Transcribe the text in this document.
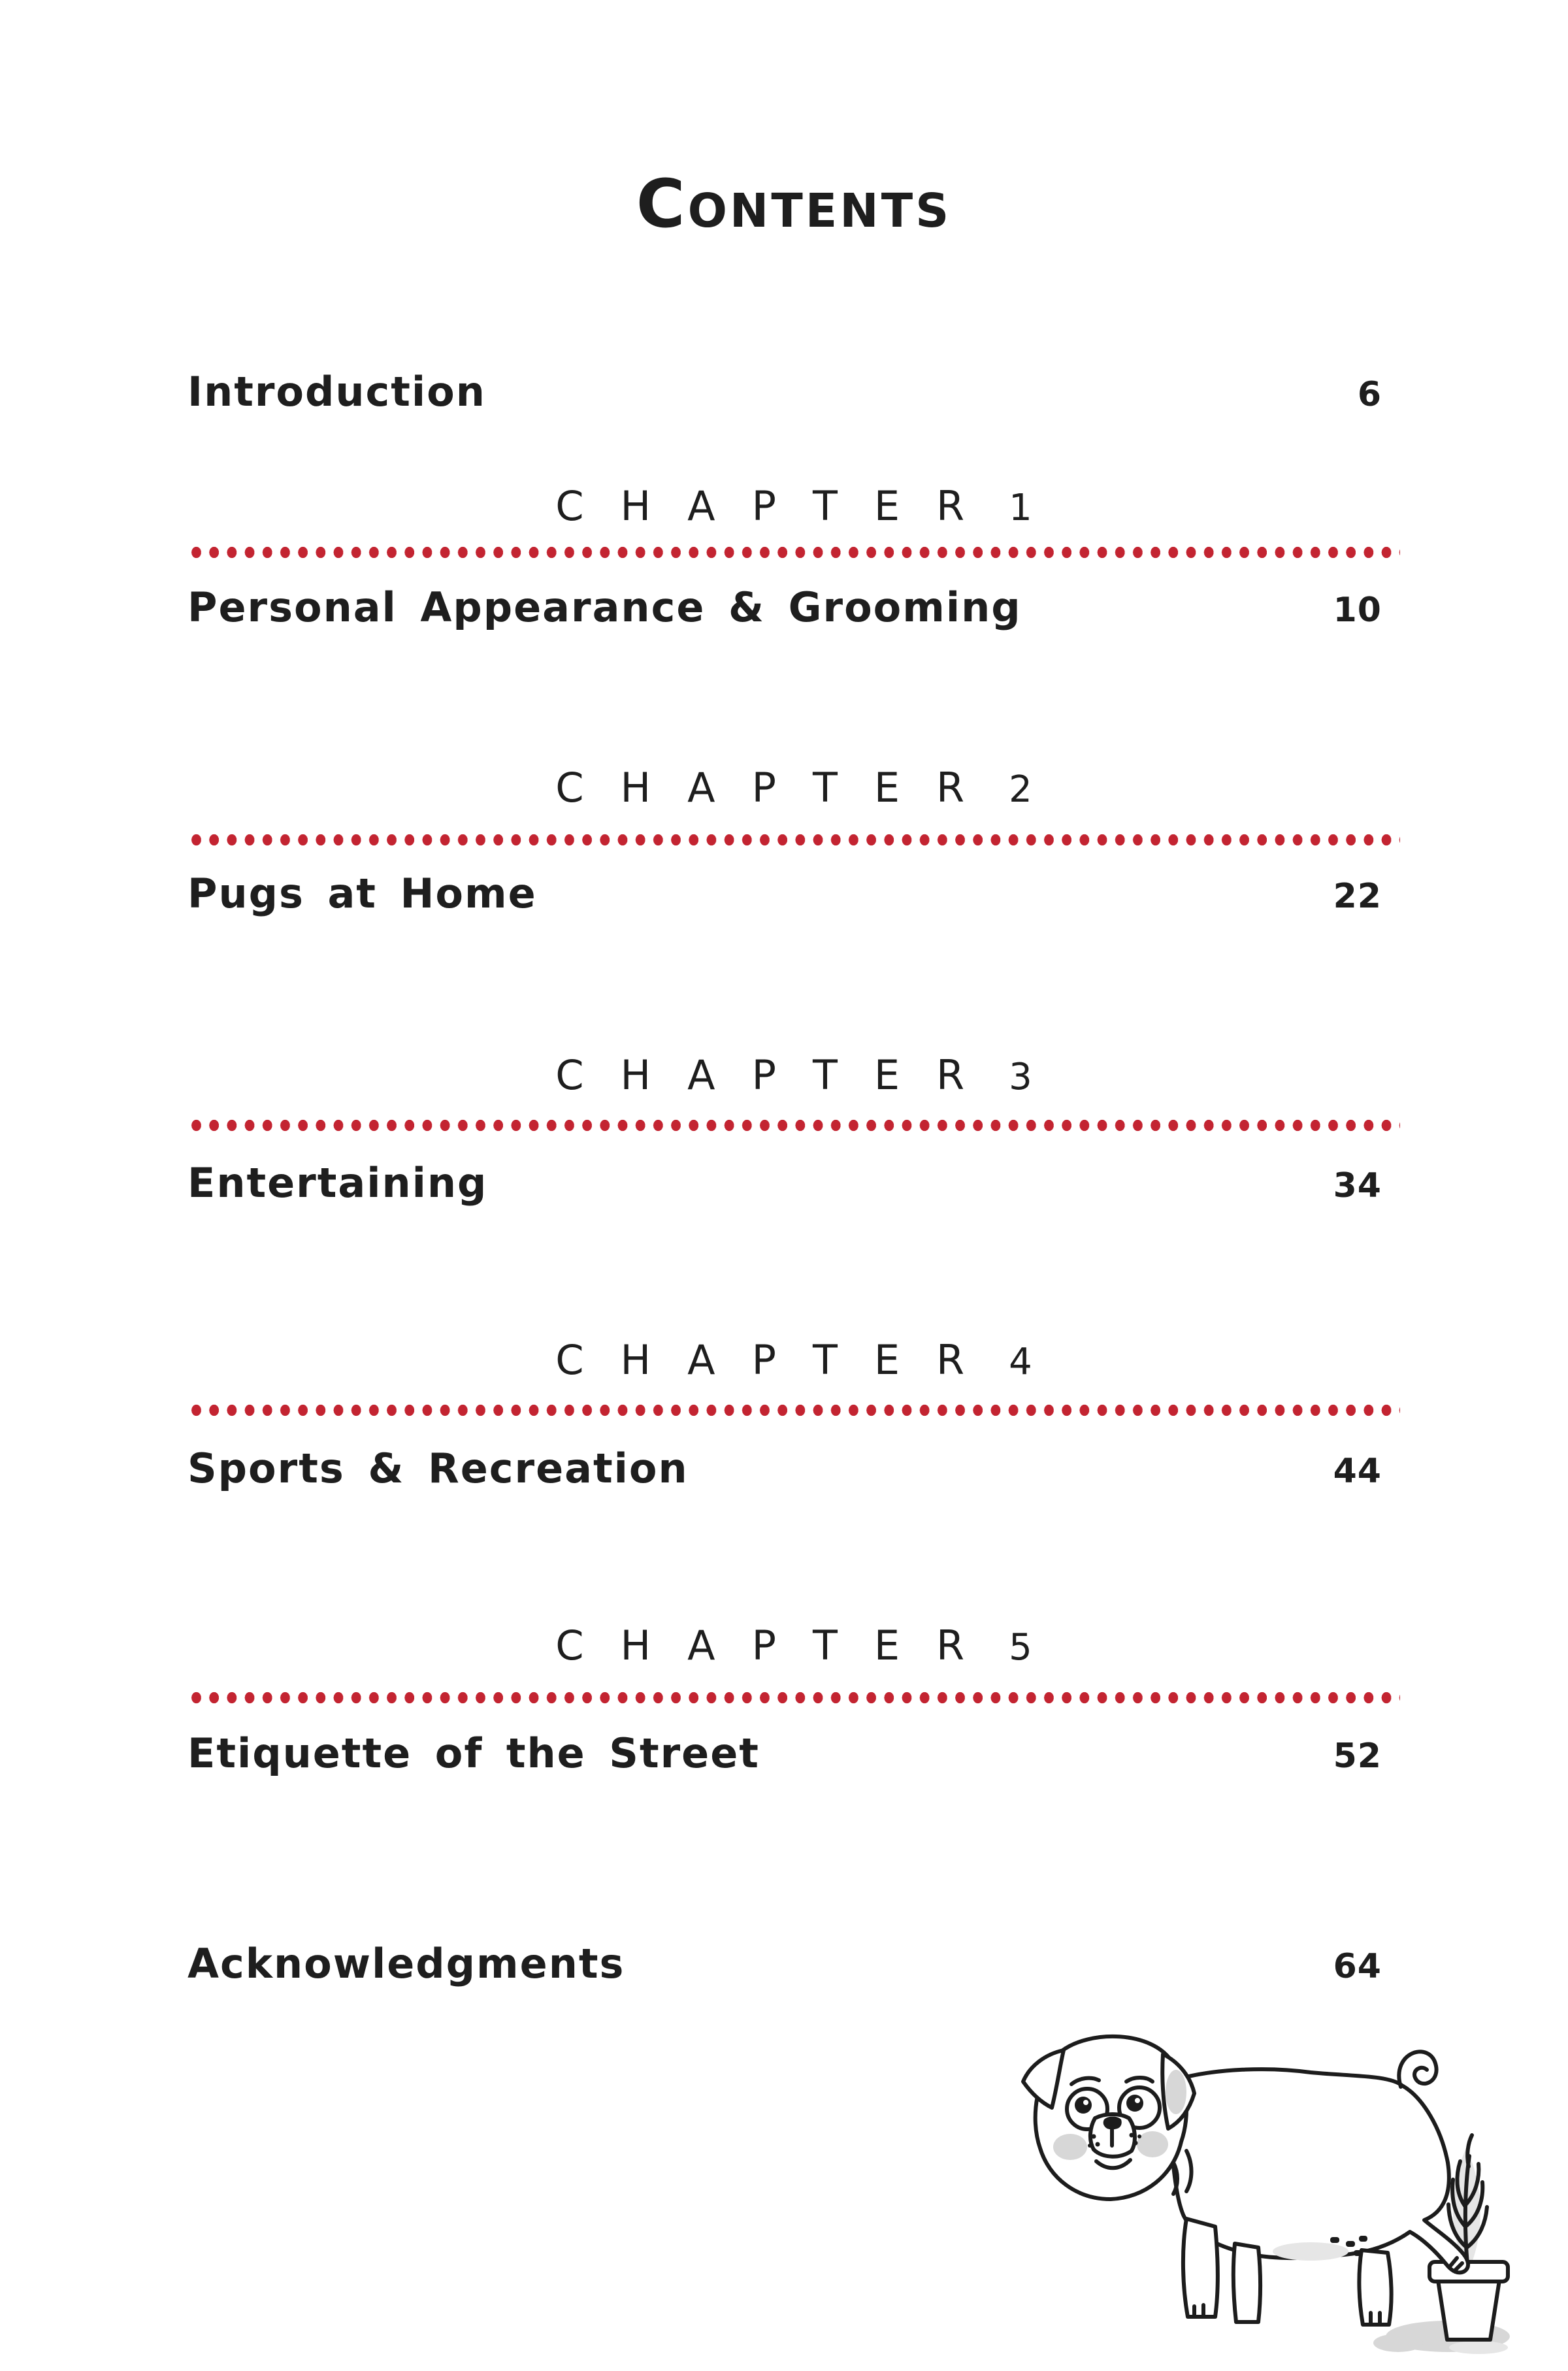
Contents
Introduction	6
CHAPTER 1
Personal Appearance & Grooming	10
CHAPTER 2
Pugs at Home	22
CHAPTER 3
Entertaining	34
CHAPTER 4
Sports & Recreation	44
CHAPTER 5
Etiquette of the Street	52
Acknowledgments	64
